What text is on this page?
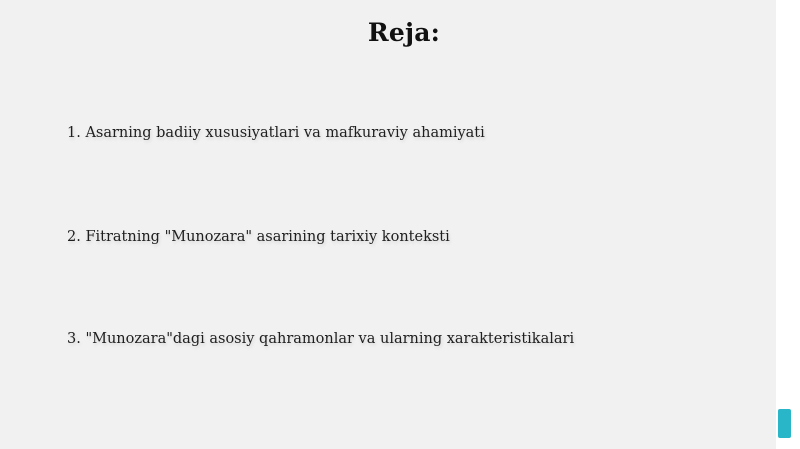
Reja:

1. Asarning badiiy xususiyatlari va mafkuraviy ahamiyati

2. Fitratning "Munozara" asarining tarixiy konteksti

3. "Munozara"dagi asosiy qahramonlar va ularning xarakteristikalari
